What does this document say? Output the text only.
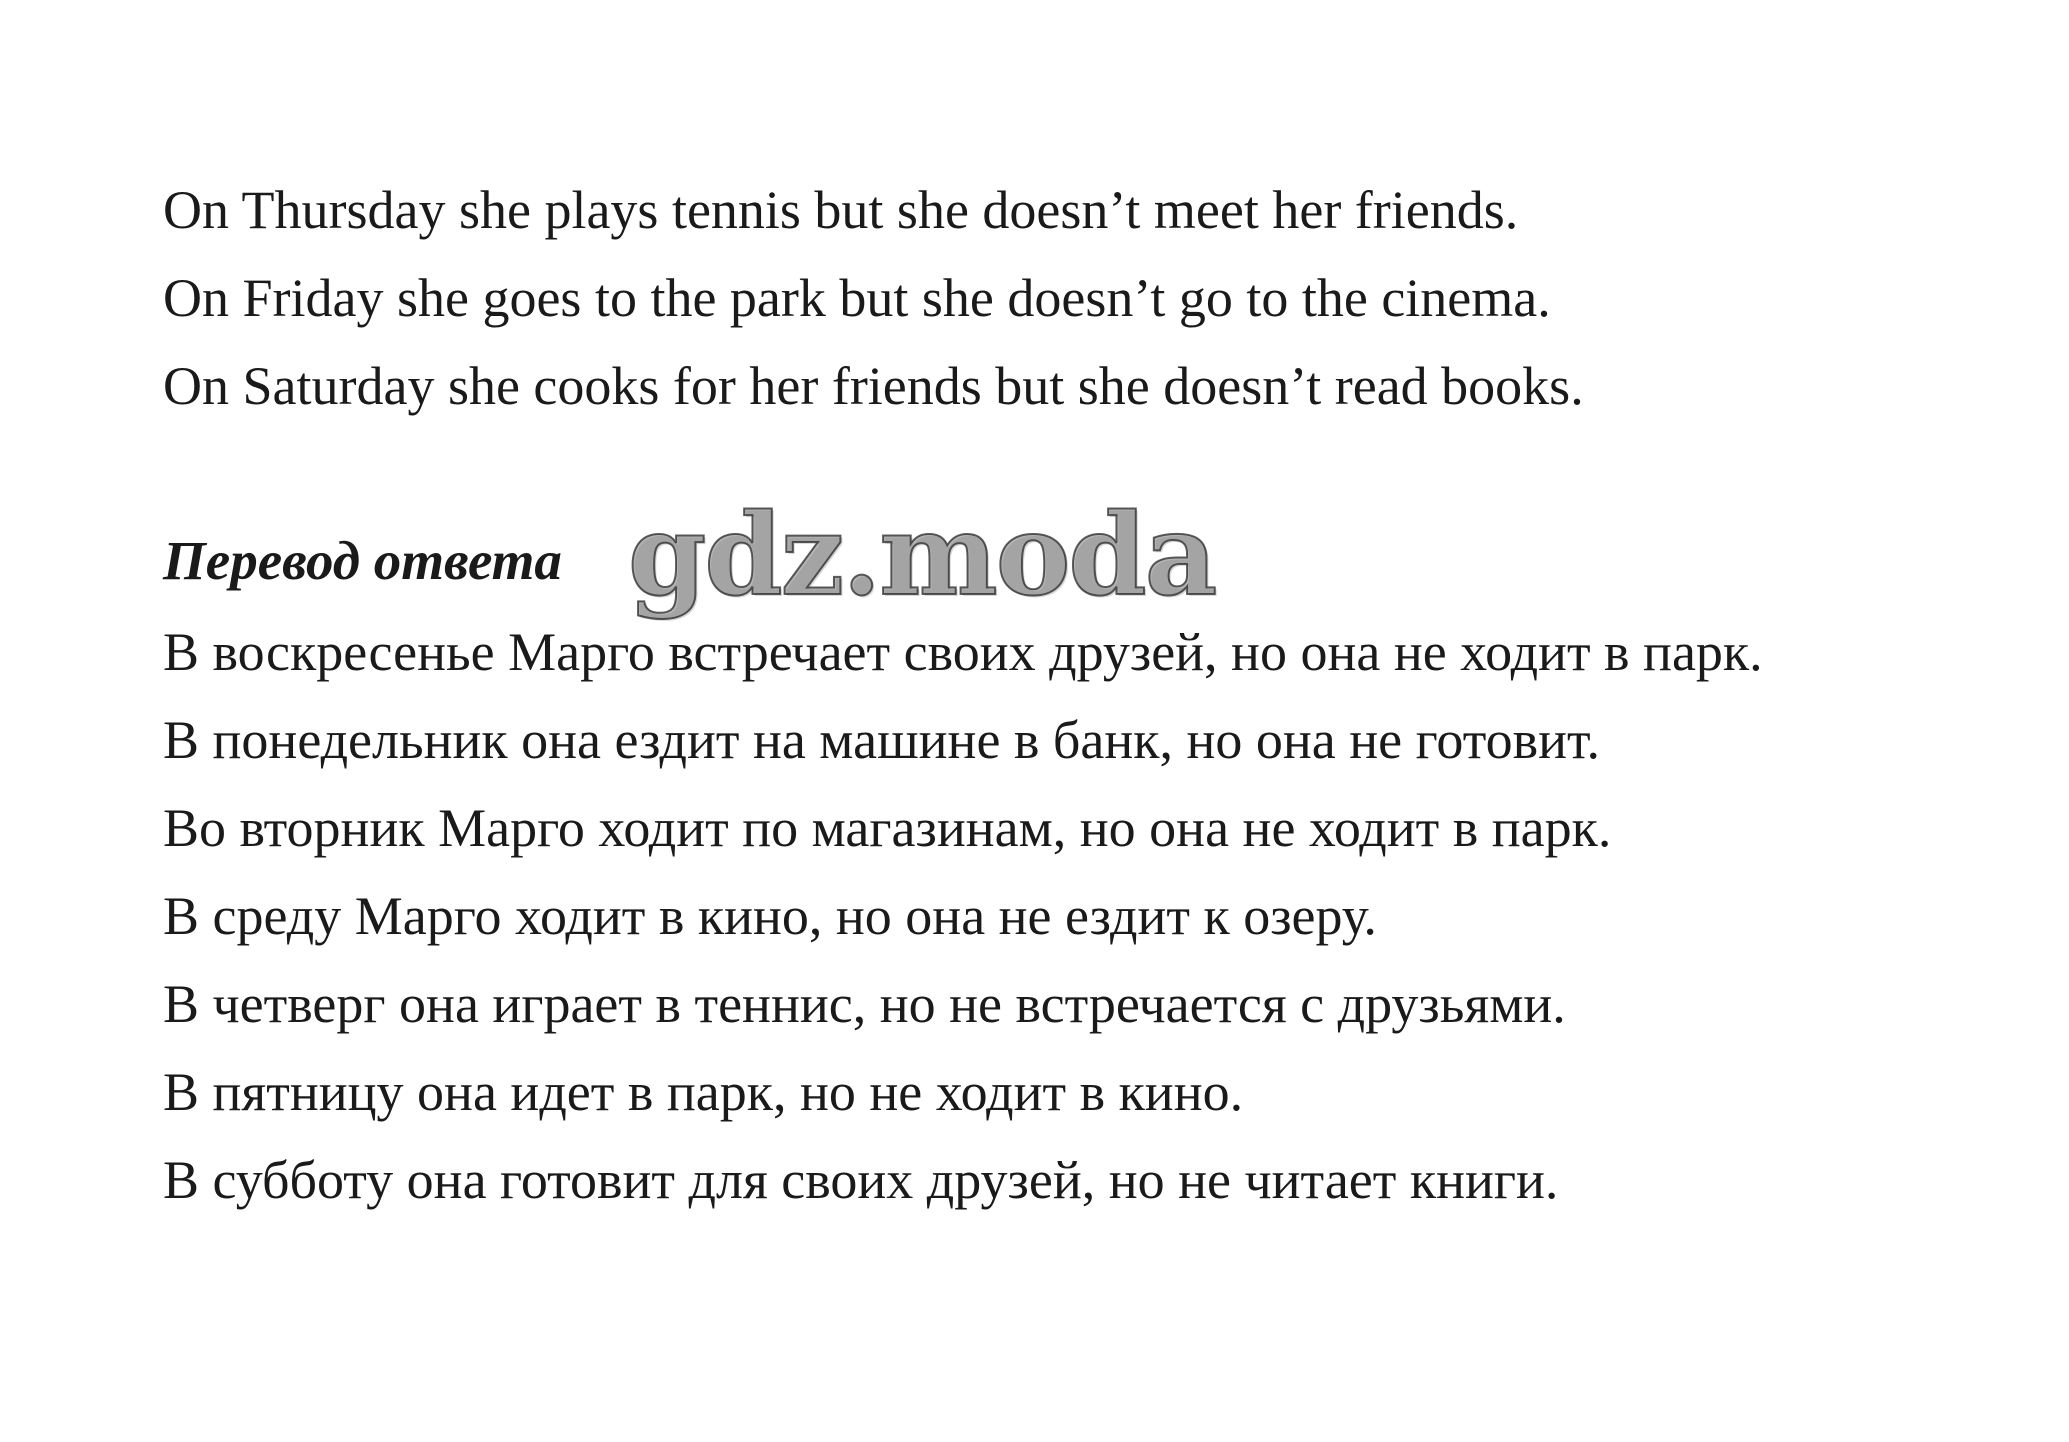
On Thursday she plays tennis but she doesn’t meet her friends.
On Friday she goes to the park but she doesn’t go to the cinema.
On Saturday she cooks for her friends but she doesn’t read books.
Перевод ответа gdz.moda
В воскресенье Марго встречает своих друзей, но она не ходит в парк.
В понедельник она ездит на машине в банк, но она не готовит.
Во вторник Марго ходит по магазинам, но она не ходит в парк.
В среду Марго ходит в кино, но она не ездит к озеру.
В четверг она играет в теннис, но не встречается с друзьями.
В пятницу она идет в парк, но не ходит в кино.
В субботу она готовит для своих друзей, но не читает книги.
